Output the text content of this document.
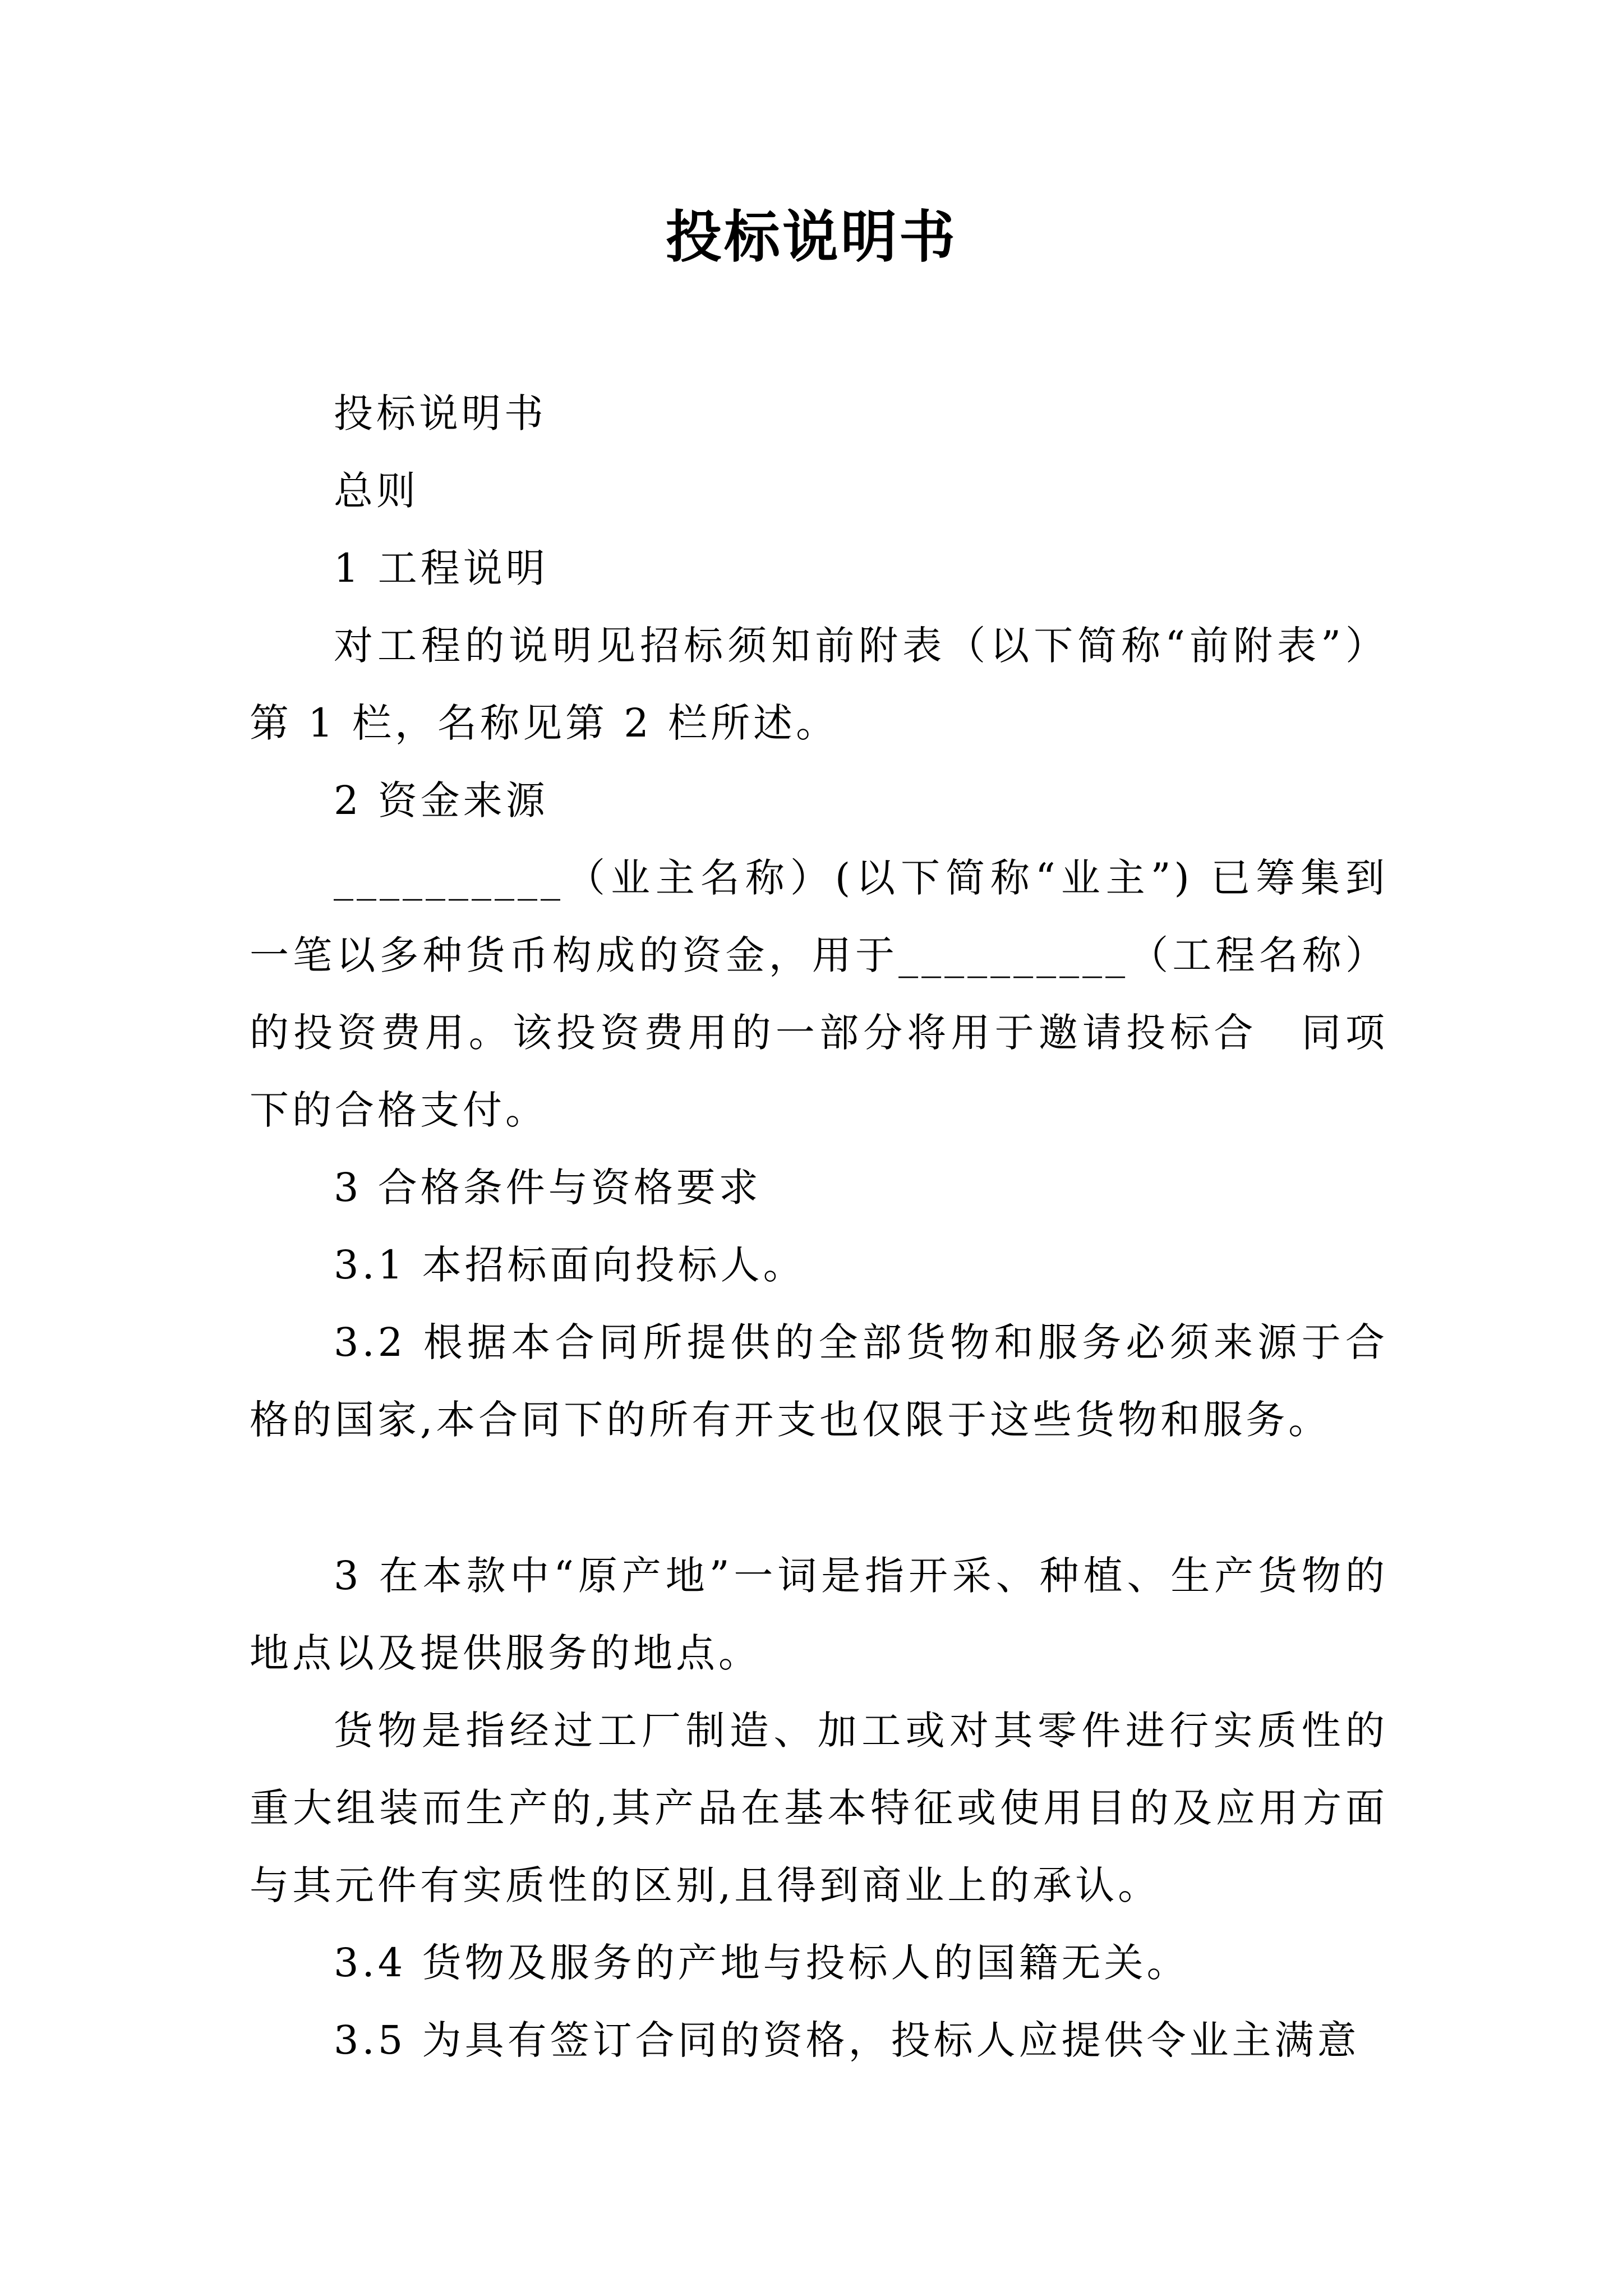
投标说明书

投标说明书

总则

1 工程说明

对工程的说明见招标须知前附表（以下简称“前附表”）第 1 栏，名称见第 2 栏所述。

2 资金来源

__________（业主名称）(以下简称“业主”) 已筹集到一笔以多种货币构成的资金，用于__________（工程名称）的投资费用。该投资费用的一部分将用于邀请投标合　同项下的合格支付。

3 合格条件与资格要求

3.1 本招标面向投标人。

3.2 根据本合同所提供的全部货物和服务必须来源于合格的国家,本合同下的所有开支也仅限于这些货物和服务。

3 在本款中“原产地”一词是指开采、种植、生产货物的地点以及提供服务的地点。

货物是指经过工厂制造、加工或对其零件进行实质性的重大组装而生产的,其产品在基本特征或使用目的及应用方面与其元件有实质性的区别,且得到商业上的承认。

3.4 货物及服务的产地与投标人的国籍无关。

3.5 为具有签订合同的资格，投标人应提供令业主满意
